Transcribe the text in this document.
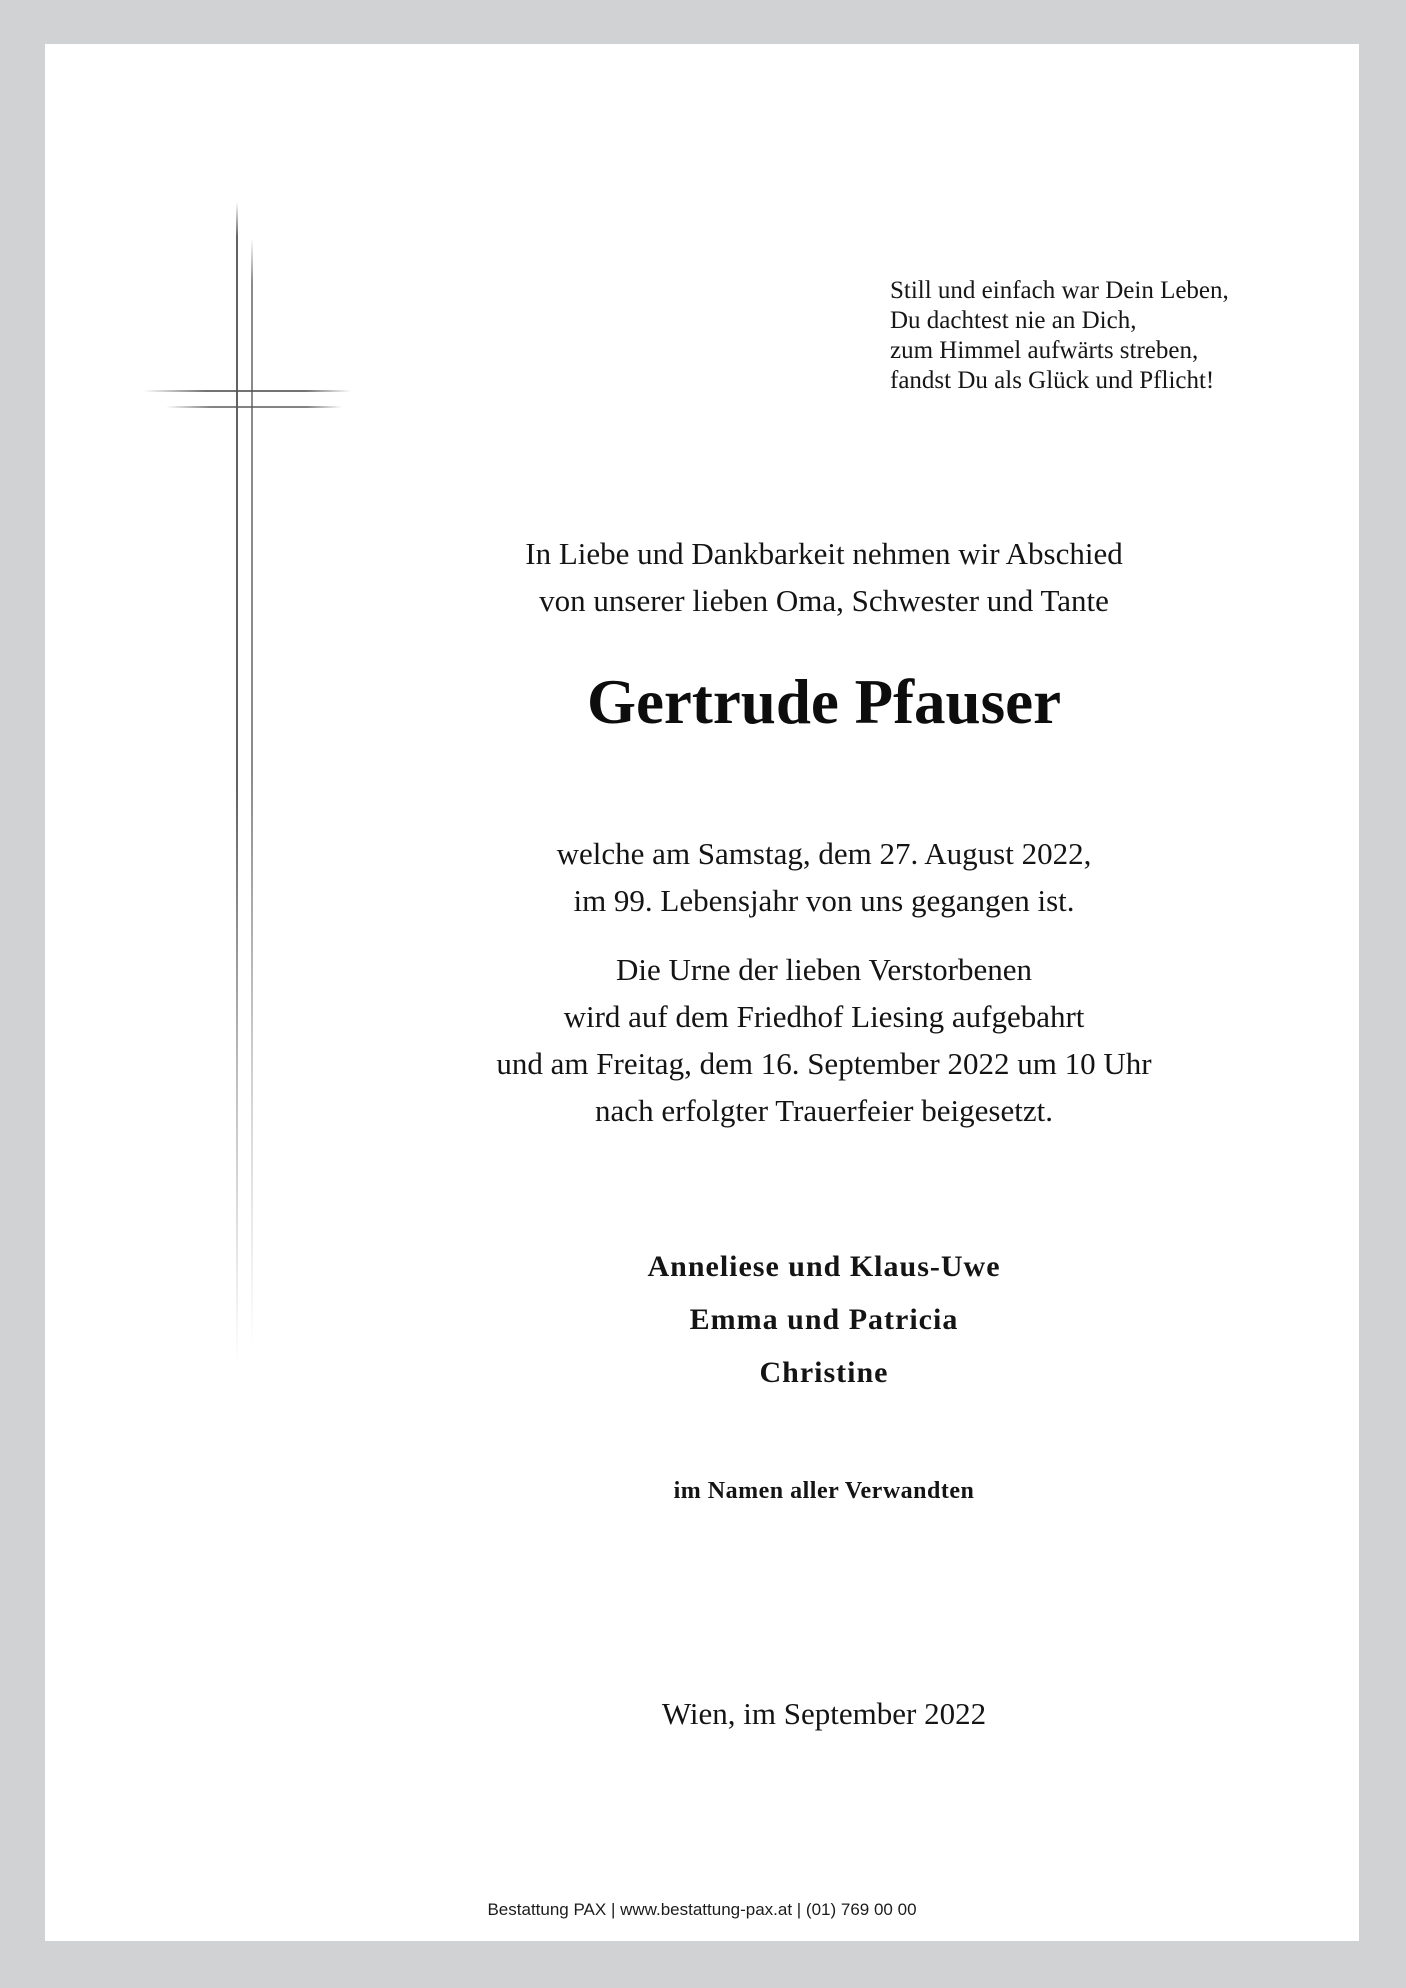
Still und einfach war Dein Leben,
Du dachtest nie an Dich,
zum Himmel aufwärts streben,
fandst Du als Glück und Pflicht!
In Liebe und Dankbarkeit nehmen wir Abschied
von unserer lieben Oma, Schwester und Tante
Gertrude Pfauser
welche am Samstag, dem 27. August 2022,
im 99. Lebensjahr von uns gegangen ist.
Die Urne der lieben Verstorbenen
wird auf dem Friedhof Liesing aufgebahrt
und am Freitag, dem 16. September 2022 um 10 Uhr
nach erfolgter Trauerfeier beigesetzt.
Anneliese und Klaus-Uwe
Emma und Patricia
Christine
im Namen aller Verwandten
Wien, im September 2022
Bestattung PAX | www.bestattung-pax.at | (01) 769 00 00
